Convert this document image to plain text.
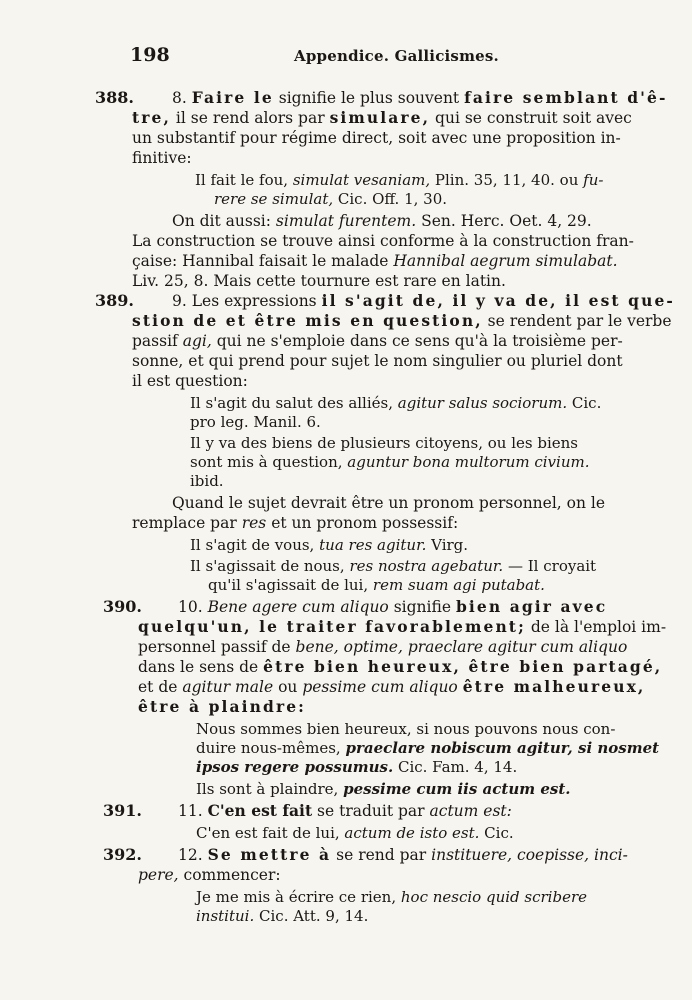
198	Appendice. Gallicismes.
388. 8. Faire le signifie le plus souvent faire semblant d'ê-
tre, il se rend alors par simulare, qui se construit soit avec
un substantif pour régime direct, soit avec une proposition in-
finitive:
Il fait le fou, simulat vesaniam, Plin. 35, 11, 40. ou fu-
rere se simulat, Cic. Off. 1, 30.
On dit aussi: simulat furentem. Sen. Herc. Oet. 4, 29.
La construction se trouve ainsi conforme à la construction fran-
çaise: Hannibal faisait le malade Hannibal aegrum simulabat.
Liv. 25, 8. Mais cette tournure est rare en latin.
389. 9. Les expressions il s'agit de, il y va de, il est que-
stion de et être mis en question, se rendent par le verbe
passif agi, qui ne s'emploie dans ce sens qu'à la troisième per-
sonne, et qui prend pour sujet le nom singulier ou pluriel dont
il est question:
Il s'agit du salut des alliés, agitur salus sociorum. Cic.
pro leg. Manil. 6.
Il y va des biens de plusieurs citoyens, ou les biens
sont mis à question, aguntur bona multorum civium.
ibid.
Quand le sujet devrait être un pronom personnel, on le
remplace par res et un pronom possessif:
Il s'agit de vous, tua res agitur. Virg.
Il s'agissait de nous, res nostra agebatur. — Il croyait
qu'il s'agissait de lui, rem suam agi putabat.
390. 10. Bene agere cum aliquo signifie bien agir avec
quelqu'un, le traiter favorablement; de là l'emploi im-
personnel passif de bene, optime, praeclare agitur cum aliquo
dans le sens de être bien heureux, être bien partagé,
et de agitur male ou pessime cum aliquo être malheureux,
être à plaindre:
Nous sommes bien heureux, si nous pouvons nous con-
duire nous-mêmes, praeclare nobiscum agitur, si nosmet
ipsos regere possumus. Cic. Fam. 4, 14.
Ils sont à plaindre, pessime cum iis actum est.
391. 11. C'en est fait se traduit par actum est:
C'en est fait de lui, actum de isto est. Cic.
392. 12. Se mettre à se rend par instituere, coepisse, inci-
pere, commencer:
Je me mis à écrire ce rien, hoc nescio quid scribere
institui. Cic. Att. 9, 14.
